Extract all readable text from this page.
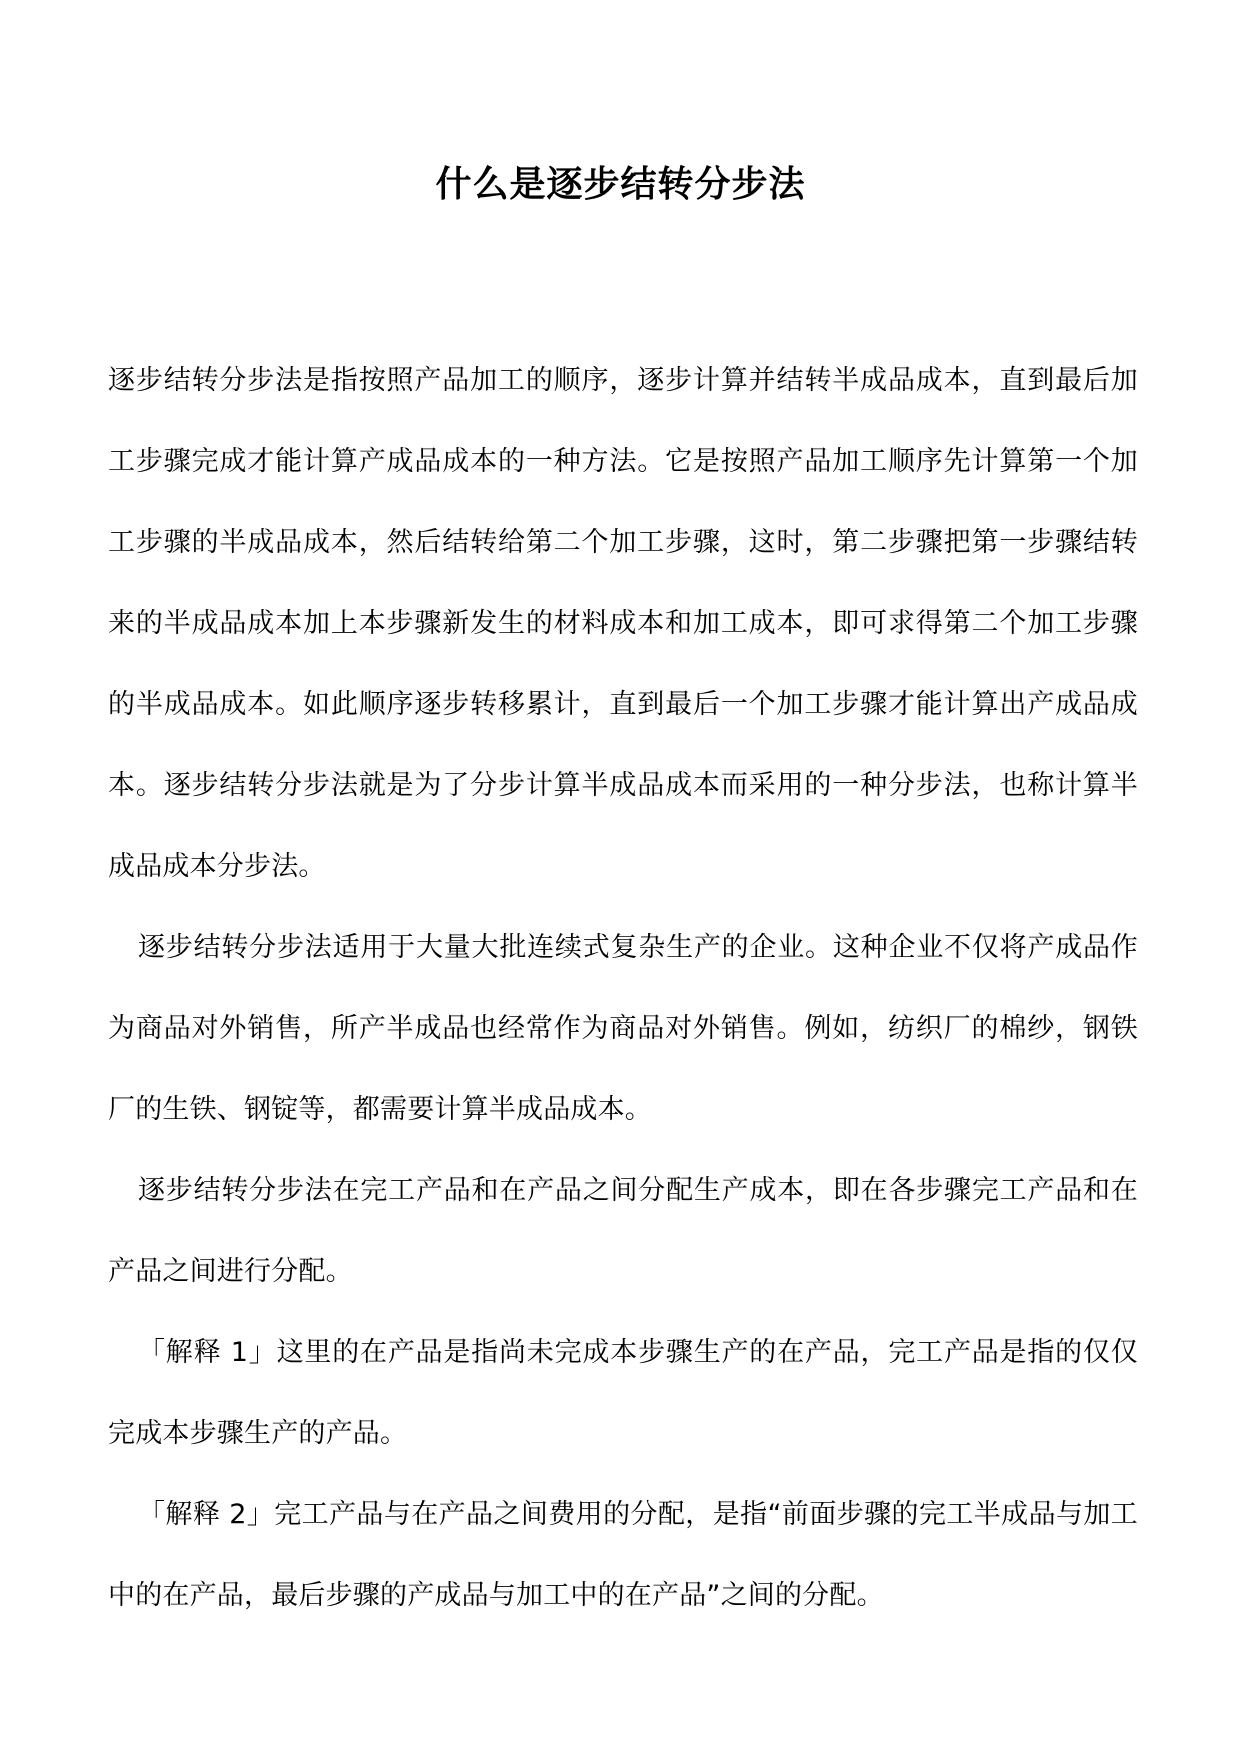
什么是逐步结转分步法

逐步结转分步法是指按照产品加工的顺序，逐步计算并结转半成品成本，直到最后加工步骤完成才能计算产成品成本的一种方法。它是按照产品加工顺序先计算第一个加工步骤的半成品成本，然后结转给第二个加工步骤，这时，第二步骤把第一步骤结转来的半成品成本加上本步骤新发生的材料成本和加工成本，即可求得第二个加工步骤的半成品成本。如此顺序逐步转移累计，直到最后一个加工步骤才能计算出产成品成本。逐步结转分步法就是为了分步计算半成品成本而采用的一种分步法，也称计算半成品成本分步法。

逐步结转分步法适用于大量大批连续式复杂生产的企业。这种企业不仅将产成品作为商品对外销售，所产半成品也经常作为商品对外销售。例如，纺织厂的棉纱，钢铁厂的生铁、钢锭等，都需要计算半成品成本。

逐步结转分步法在完工产品和在产品之间分配生产成本，即在各步骤完工产品和在产品之间进行分配。

「解释 1」这里的在产品是指尚未完成本步骤生产的在产品，完工产品是指的仅仅完成本步骤生产的产品。

「解释 2」完工产品与在产品之间费用的分配，是指“前面步骤的完工半成品与加工中的在产品，最后步骤的产成品与加工中的在产品”之间的分配。
